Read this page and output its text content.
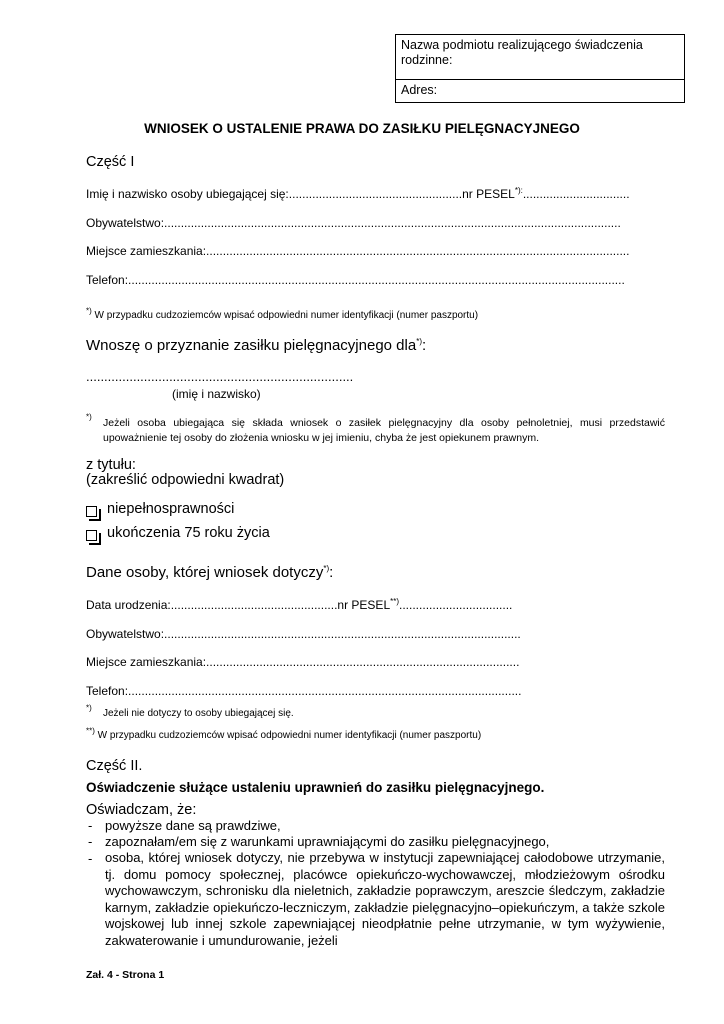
Nazwa podmiotu realizującego świadczenia rodzinne:
Adres:
WNIOSEK O USTALENIE PRAWA DO ZASIŁKU PIELĘGNACYJNEGO
Część I
Imię i nazwisko osoby ubiegającej się:....................................................nr PESEL*):................................
Obywatelstwo:.........................................................................................................................................
Miejsce zamieszkania:...............................................................................................................................
Telefon:.....................................................................................................................................................
*) W przypadku cudzoziemców wpisać odpowiedni numer identyfikacji (numer paszportu)
Wnoszę o przyznanie zasiłku pielęgnacyjnego dla*):
..........................................................................
(imię i nazwisko)
*) Jeżeli osoba ubiegająca się składa wniosek o zasiłek pielęgnacyjny dla osoby pełnoletniej, musi przedstawić upoważnienie tej osoby do złożenia wniosku w jej imieniu, chyba że jest opiekunem prawnym.
z tytułu:
(zakreślić odpowiedni kwadrat)
niepełnosprawności
ukończenia 75 roku życia
Dane osoby, której wniosek dotyczy*):
Data urodzenia:..................................................nr PESEL**)..................................
Obywatelstwo:...........................................................................................................
Miejsce zamieszkania:..............................................................................................
Telefon:......................................................................................................................
*) Jeżeli nie dotyczy to osoby ubiegającej się.
**) W przypadku cudzoziemców wpisać odpowiedni numer identyfikacji (numer paszportu)
Część II.
Oświadczenie służące ustaleniu uprawnień do zasiłku pielęgnacyjnego.
Oświadczam, że:
- powyższe dane są prawdziwe,
- zapoznałam/em się z warunkami uprawniającymi do zasiłku pielęgnacyjnego,
- osoba, której wniosek dotyczy, nie przebywa w instytucji zapewniającej całodobowe utrzymanie, tj. domu pomocy społecznej, placówce opiekuńczo-wychowawczej, młodzieżowym ośrodku wychowawczym, schronisku dla nieletnich, zakładzie poprawczym, areszcie śledczym, zakładzie karnym, zakładzie opiekuńczo-leczniczym, zakładzie pielęgnacyjno–opiekuńczym, a także szkole wojskowej lub innej szkole zapewniającej nieodpłatnie pełne utrzymanie, w tym wyżywienie, zakwaterowanie i umundurowanie, jeżeli
Zał. 4 - Strona 1
